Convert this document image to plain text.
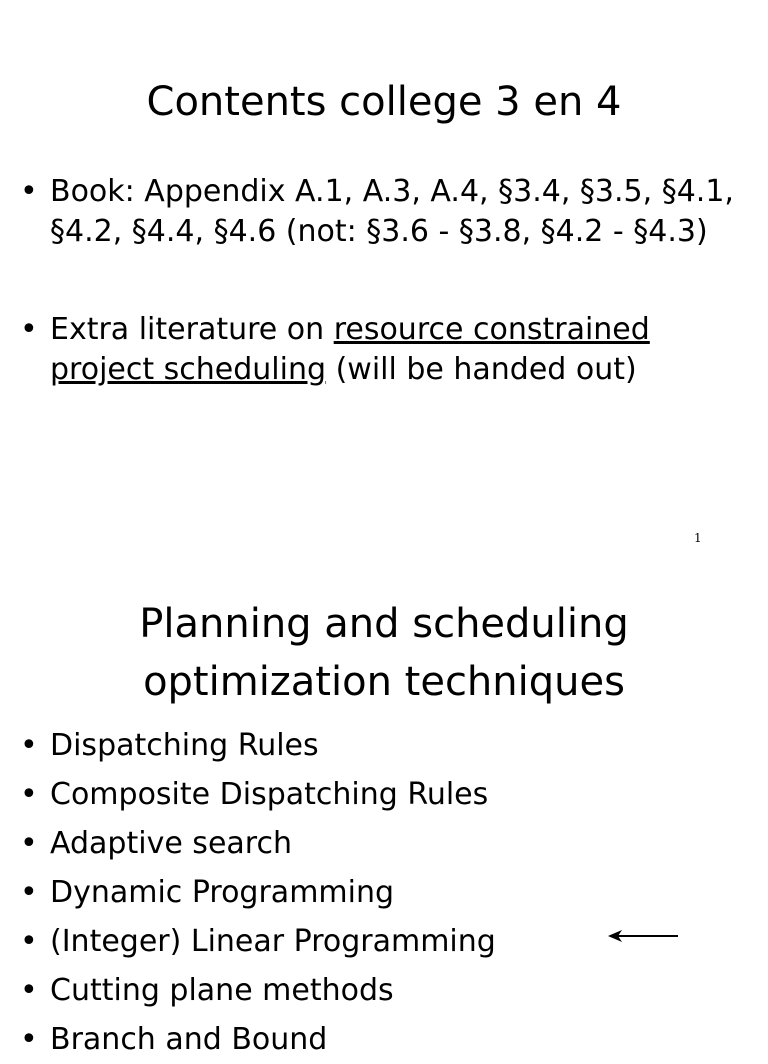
Contents college 3 en 4
• Book: Appendix A.1, A.3, A.4, §3.4, §3.5, §4.1, §4.2, §4.4, §4.6 (not: §3.6 - §3.8, §4.2 - §4.3)
• Extra literature on resource constrained project scheduling (will be handed out)
1
Planning and scheduling
optimization techniques
• Dispatching Rules
• Composite Dispatching Rules
• Adaptive search
• Dynamic Programming
• (Integer) Linear Programming
• Cutting plane methods
• Branch and Bound
